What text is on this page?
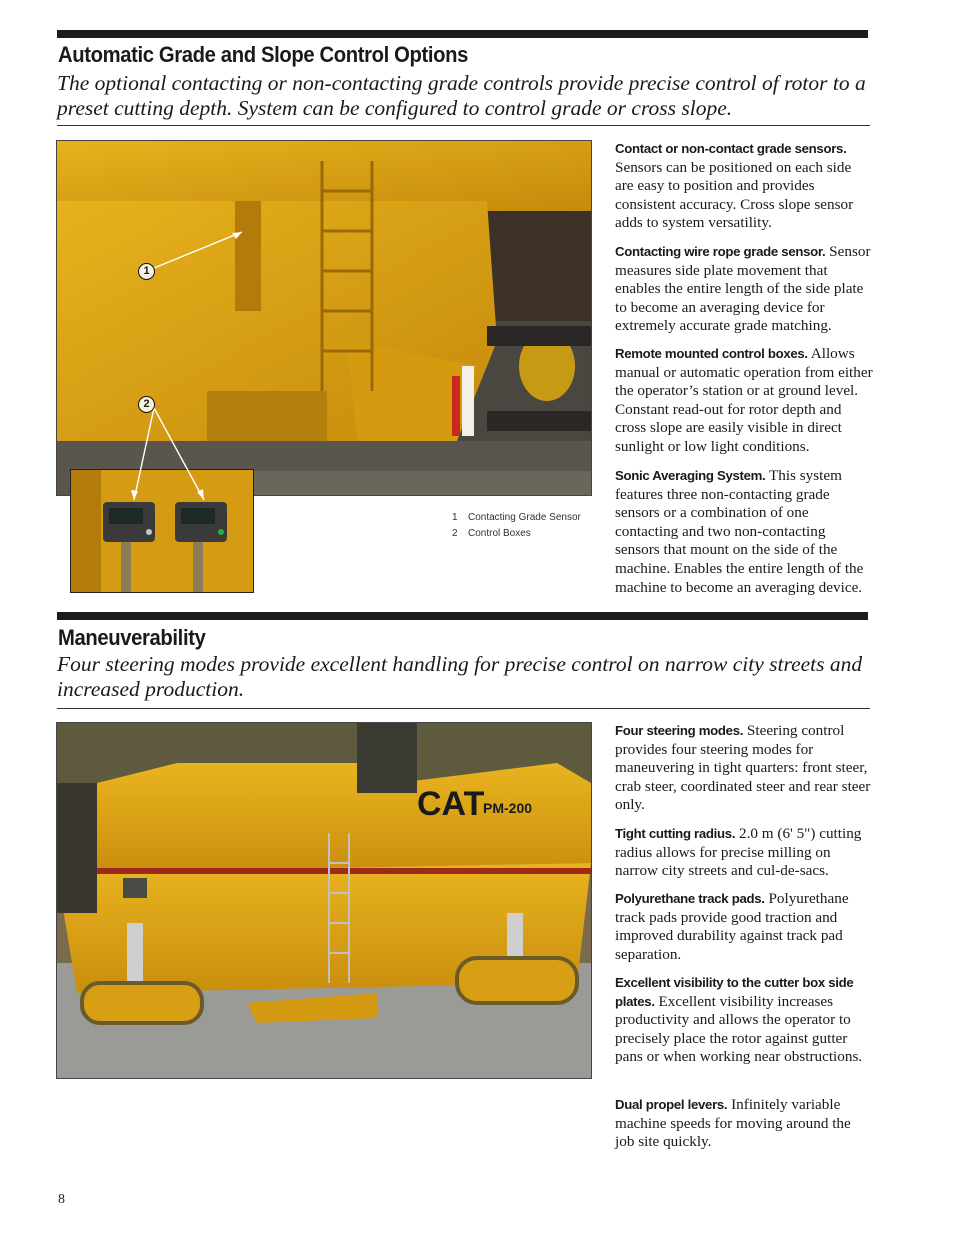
Automatic Grade and Slope Control Options
The optional contacting or non-contacting grade controls provide precise control of rotor to a preset cutting depth. System can be configured to control grade or cross slope.
1
2
1 Contacting Grade Sensor
2 Control Boxes
Contact or non-contact grade sensors. Sensors can be positioned on each side are easy to position and provides consistent accuracy. Cross slope sensor adds to system versatility.
Contacting wire rope grade sensor. Sensor measures side plate movement that enables the entire length of the side plate to become an averaging device for extremely accurate grade matching.
Remote mounted control boxes. Allows manual or automatic operation from either the operator’s station or at ground level. Constant read-out for rotor depth and cross slope are easily visible in direct sunlight or low light conditions.
Sonic Averaging System. This system features three non-contacting grade sensors or a combination of one contacting and two non-contacting sensors that mount on the side of the machine. Enables the entire length of the machine to become an averaging device.
Maneuverability
Four steering modes provide excellent handling for precise control on narrow city streets and increased production.
CAT
PM-200
Four steering modes. Steering control provides four steering modes for maneuvering in tight quarters: front steer, crab steer, coordinated steer and rear steer only.
Tight cutting radius. 2.0 m (6' 5") cutting radius allows for precise milling on narrow city streets and cul-de-sacs.
Polyurethane track pads. Polyurethane track pads provide good traction and improved durability against track pad separation.
Excellent visibility to the cutter box side plates. Excellent visibility increases productivity and allows the operator to precisely place the rotor against gutter pans or when working near obstructions.
Dual propel levers. Infinitely variable machine speeds for moving around the job site quickly.
8
